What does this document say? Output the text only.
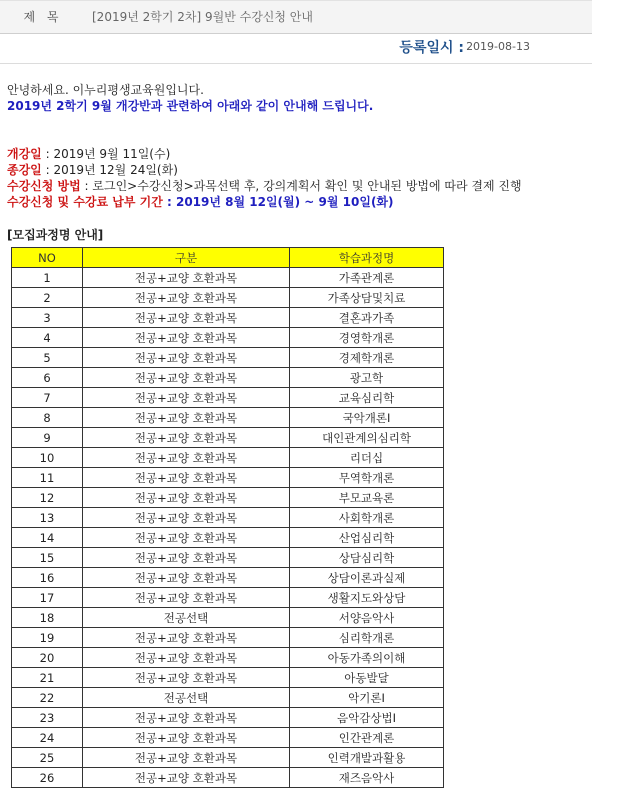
제 목	[2019년 2학기 2차] 9월반 수강신청 안내
등록일시 : 2019-08-13
안녕하세요. 이누리평생교육원입니다.
2019년 2학기 9월 개강반과 관련하여 아래와 같이 안내해 드립니다.
개강일 : 2019년 9월 11일(수)
종강일 : 2019년 12월 24일(화)
수강신청 방법 : 로그인>수강신청>과목선택 후, 강의계획서 확인 및 안내된 방법에 따라 결제 진행
수강신청 및 수강료 납부 기간 : 2019년 8월 12일(월) ~ 9월 10일(화)
[모집과정명 안내]
NO	구분	학습과정명
1	전공+교양 호환과목	가족관계론
2	전공+교양 호환과목	가족상담및치료
3	전공+교양 호환과목	결혼과가족
4	전공+교양 호환과목	경영학개론
5	전공+교양 호환과목	경제학개론
6	전공+교양 호환과목	광고학
7	전공+교양 호환과목	교육심리학
8	전공+교양 호환과목	국악개론I
9	전공+교양 호환과목	대인관계의심리학
10	전공+교양 호환과목	리더십
11	전공+교양 호환과목	무역학개론
12	전공+교양 호환과목	부모교육론
13	전공+교양 호환과목	사회학개론
14	전공+교양 호환과목	산업심리학
15	전공+교양 호환과목	상담심리학
16	전공+교양 호환과목	상담이론과실제
17	전공+교양 호환과목	생활지도와상담
18	전공선택	서양음악사
19	전공+교양 호환과목	심리학개론
20	전공+교양 호환과목	아동가족의이해
21	전공+교양 호환과목	아동발달
22	전공선택	악기론I
23	전공+교양 호환과목	음악감상법I
24	전공+교양 호환과목	인간관계론
25	전공+교양 호환과목	인력개발과활용
26	전공+교양 호환과목	재즈음악사
